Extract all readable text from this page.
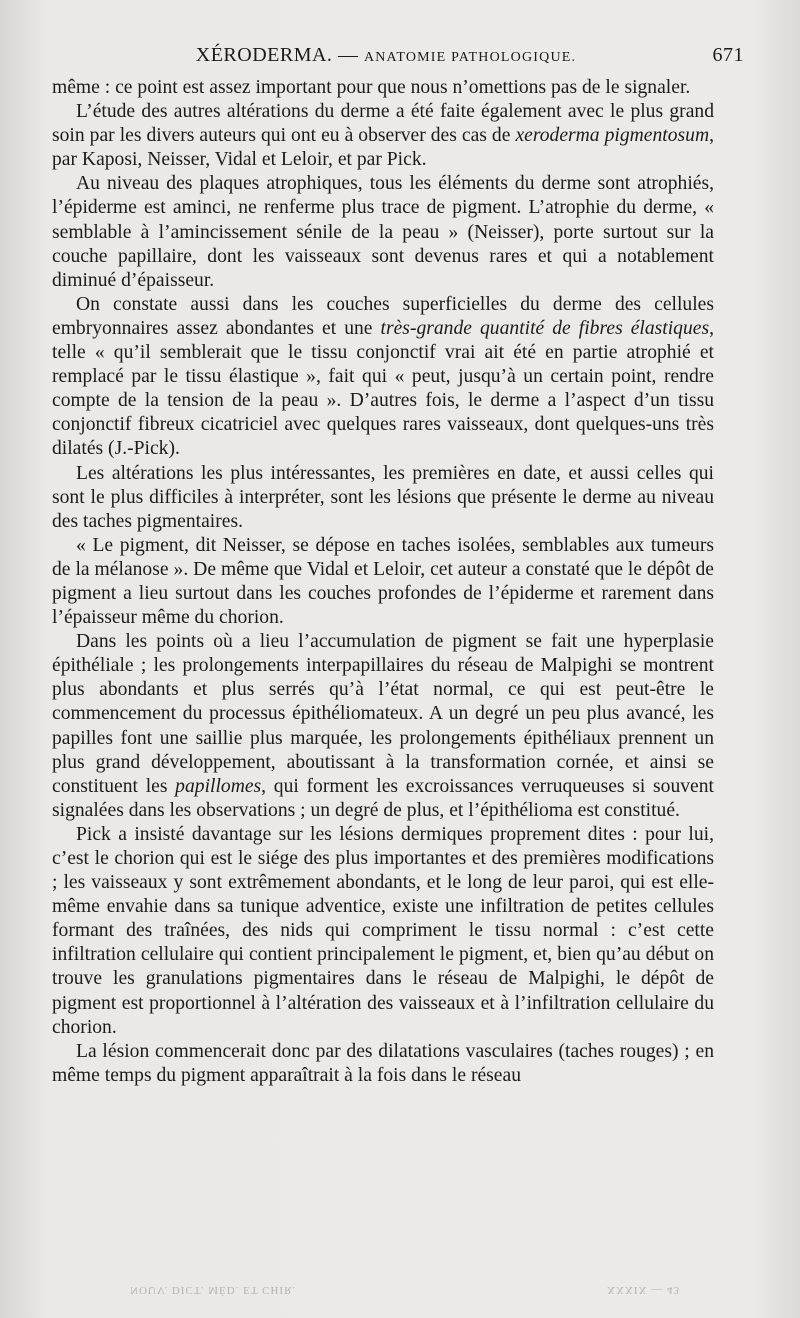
XÉRODERMA. — ANATOMIE PATHOLOGIQUE.	671

même : ce point est assez important pour que nous n’omettions pas de le signaler.

L’étude des autres altérations du derme a été faite également avec le plus grand soin par les divers auteurs qui ont eu à observer des cas de xeroderma pigmentosum, par Kaposi, Neisser, Vidal et Leloir, et par Pick.

Au niveau des plaques atrophiques, tous les éléments du derme sont atrophiés, l’épiderme est aminci, ne renferme plus trace de pigment. L’atrophie du derme, « semblable à l’amincissement sénile de la peau » (Neisser), porte surtout sur la couche papillaire, dont les vaisseaux sont devenus rares et qui a notablement diminué d’épaisseur.

On constate aussi dans les couches superficielles du derme des cellules embryonnaires assez abondantes et une très-grande quantité de fibres élastiques, telle « qu’il semblerait que le tissu conjonctif vrai ait été en partie atrophié et remplacé par le tissu élastique », fait qui « peut, jusqu’à un certain point, rendre compte de la tension de la peau ». D’autres fois, le derme a l’aspect d’un tissu conjonctif fibreux cicatriciel avec quelques rares vaisseaux, dont quelques-uns très dilatés (J.-Pick).

Les altérations les plus intéressantes, les premières en date, et aussi celles qui sont le plus difficiles à interpréter, sont les lésions que présente le derme au niveau des taches pigmentaires.

« Le pigment, dit Neisser, se dépose en taches isolées, semblables aux tumeurs de la mélanose ». De même que Vidal et Leloir, cet auteur a constaté que le dépôt de pigment a lieu surtout dans les couches profondes de l’épiderme et rarement dans l’épaisseur même du chorion.

Dans les points où a lieu l’accumulation de pigment se fait une hyperplasie épithéliale ; les prolongements interpapillaires du réseau de Malpighi se montrent plus abondants et plus serrés qu’à l’état normal, ce qui est peut-être le commencement du processus épithéliomateux. A un degré un peu plus avancé, les papilles font une saillie plus marquée, les prolongements épithéliaux prennent un plus grand développement, aboutissant à la transformation cornée, et ainsi se constituent les papillomes, qui forment les excroissances verruqueuses si souvent signalées dans les observations ; un degré de plus, et l’épithélioma est constitué.

Pick a insisté davantage sur les lésions dermiques proprement dites : pour lui, c’est le chorion qui est le siége des plus importantes et des premières modifications ; les vaisseaux y sont extrêmement abondants, et le long de leur paroi, qui est elle-même envahie dans sa tunique adventice, existe une infiltration de petites cellules formant des traînées, des nids qui compriment le tissu normal : c’est cette infiltration cellulaire qui contient principalement le pigment, et, bien qu’au début on trouve les granulations pigmentaires dans le réseau de Malpighi, le dépôt de pigment est proportionnel à l’altération des vaisseaux et à l’infiltration cellulaire du chorion.

La lésion commencerait donc par des dilatations vasculaires (taches rouges) ; en même temps du pigment apparaîtrait à la fois dans le réseau

NOUV. DICT. MÉD. ET CHIR.	XXXIX — 43
